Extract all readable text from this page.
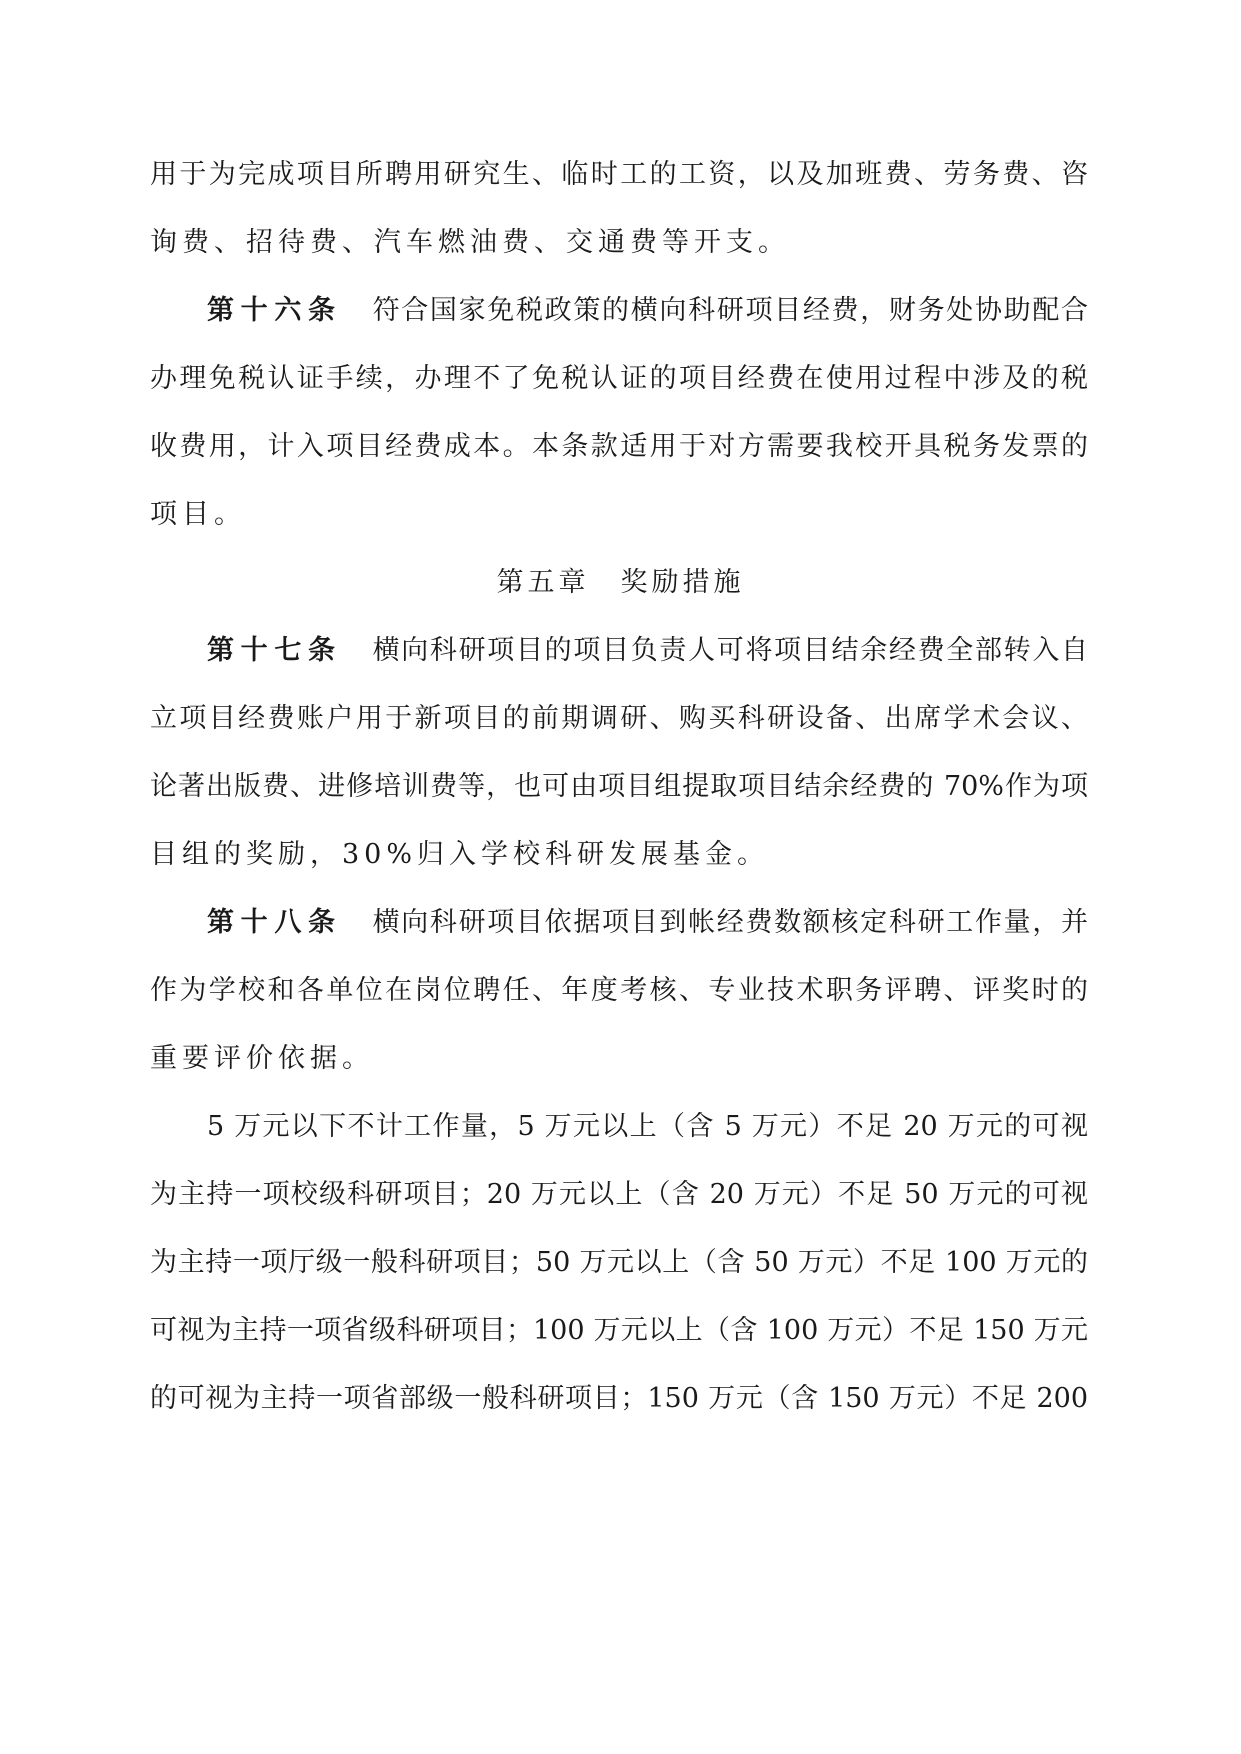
用于为完成项目所聘用研究生、临时工的工资，以及加班费、劳务费、咨
询费、招待费、汽车燃油费、交通费等开支。
第十六条 符合国家免税政策的横向科研项目经费，财务处协助配合
办理免税认证手续，办理不了免税认证的项目经费在使用过程中涉及的税
收费用，计入项目经费成本。本条款适用于对方需要我校开具税务发票的
项目。
第五章　奖励措施
第十七条 横向科研项目的项目负责人可将项目结余经费全部转入自
立项目经费账户用于新项目的前期调研、购买科研设备、出席学术会议、
论著出版费、进修培训费等，也可由项目组提取项目结余经费的 70%作为项
目组的奖励，30%归入学校科研发展基金。
第十八条 横向科研项目依据项目到帐经费数额核定科研工作量，并
作为学校和各单位在岗位聘任、年度考核、专业技术职务评聘、评奖时的
重要评价依据。
5 万元以下不计工作量，5 万元以上（含 5 万元）不足 20 万元的可视
为主持一项校级科研项目；20 万元以上（含 20 万元）不足 50 万元的可视
为主持一项厅级一般科研项目；50 万元以上（含 50 万元）不足 100 万元的
可视为主持一项省级科研项目；100 万元以上（含 100 万元）不足 150 万元
的可视为主持一项省部级一般科研项目；150 万元（含 150 万元）不足 200
